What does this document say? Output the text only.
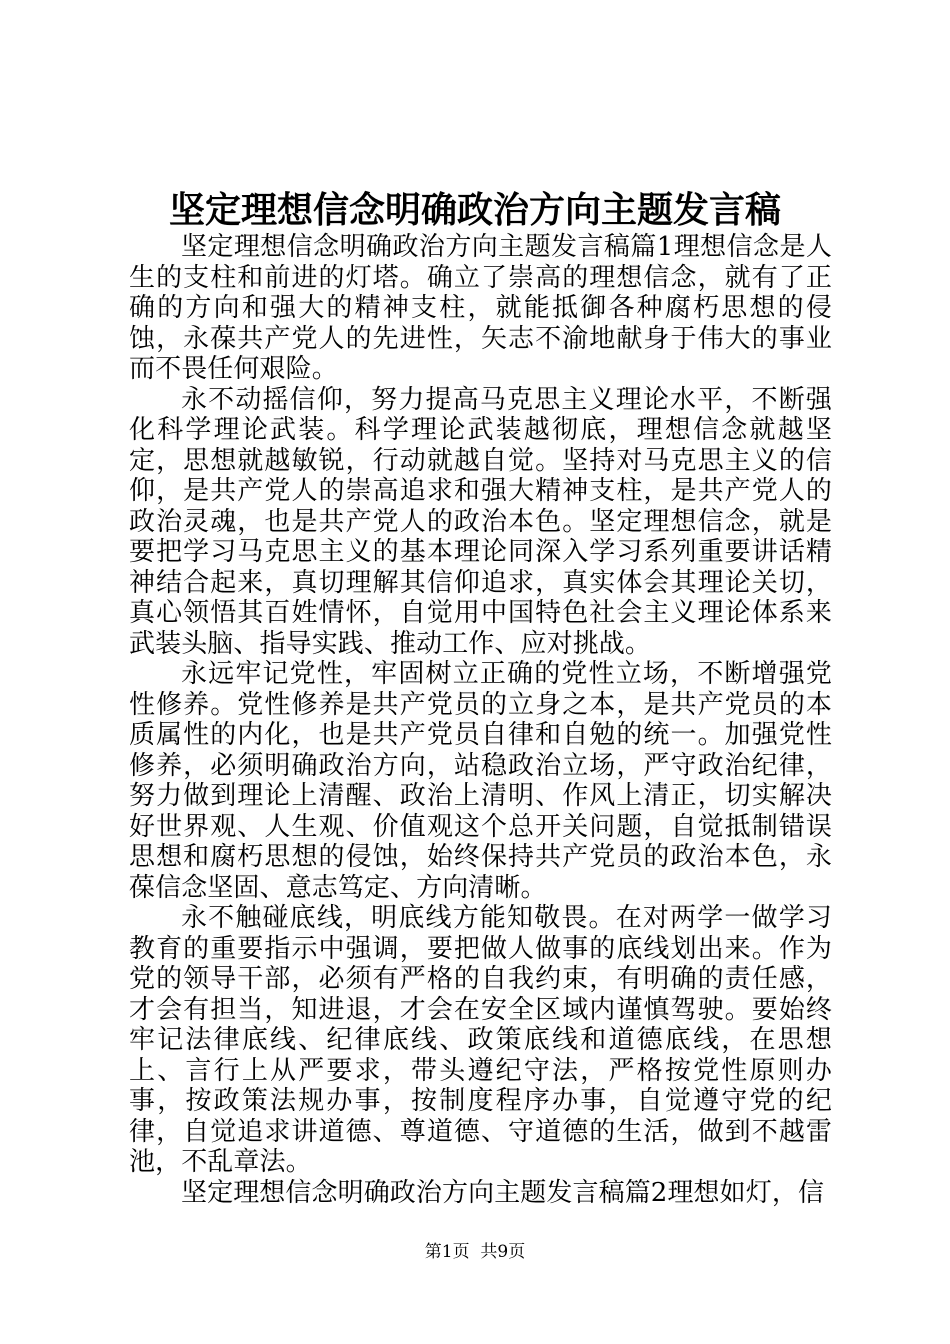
坚定理想信念明确政治方向主题发言稿

坚定理想信念明确政治方向主题发言稿篇1理想信念是人生的支柱和前进的灯塔。确立了崇高的理想信念，就有了正确的方向和强大的精神支柱，就能抵御各种腐朽思想的侵蚀，永葆共产党人的先进性，矢志不渝地献身于伟大的事业而不畏任何艰险。

永不动摇信仰，努力提高马克思主义理论水平，不断强化科学理论武装。科学理论武装越彻底，理想信念就越坚定，思想就越敏锐，行动就越自觉。坚持对马克思主义的信仰，是共产党人的崇高追求和强大精神支柱，是共产党人的政治灵魂，也是共产党人的政治本色。坚定理想信念，就是要把学习马克思主义的基本理论同深入学习系列重要讲话精神结合起来，真切理解其信仰追求，真实体会其理论关切，真心领悟其百姓情怀，自觉用中国特色社会主义理论体系来武装头脑、指导实践、推动工作、应对挑战。

永远牢记党性，牢固树立正确的党性立场，不断增强党性修养。党性修养是共产党员的立身之本，是共产党员的本质属性的内化，也是共产党员自律和自勉的统一。加强党性修养，必须明确政治方向，站稳政治立场，严守政治纪律，努力做到理论上清醒、政治上清明、作风上清正，切实解决好世界观、人生观、价值观这个总开关问题，自觉抵制错误思想和腐朽思想的侵蚀，始终保持共产党员的政治本色，永葆信念坚固、意志笃定、方向清晰。

永不触碰底线，明底线方能知敬畏。在对两学一做学习教育的重要指示中强调，要把做人做事的底线划出来。作为党的领导干部，必须有严格的自我约束，有明确的责任感，才会有担当，知进退，才会在安全区域内谨慎驾驶。要始终牢记法律底线、纪律底线、政策底线和道德底线，在思想上、言行上从严要求，带头遵纪守法，严格按党性原则办事，按政策法规办事，按制度程序办事，自觉遵守党的纪律，自觉追求讲道德、尊道德、守道德的生活，做到不越雷池，不乱章法。

坚定理想信念明确政治方向主题发言稿篇2理想如灯，信

第1页  共9页
